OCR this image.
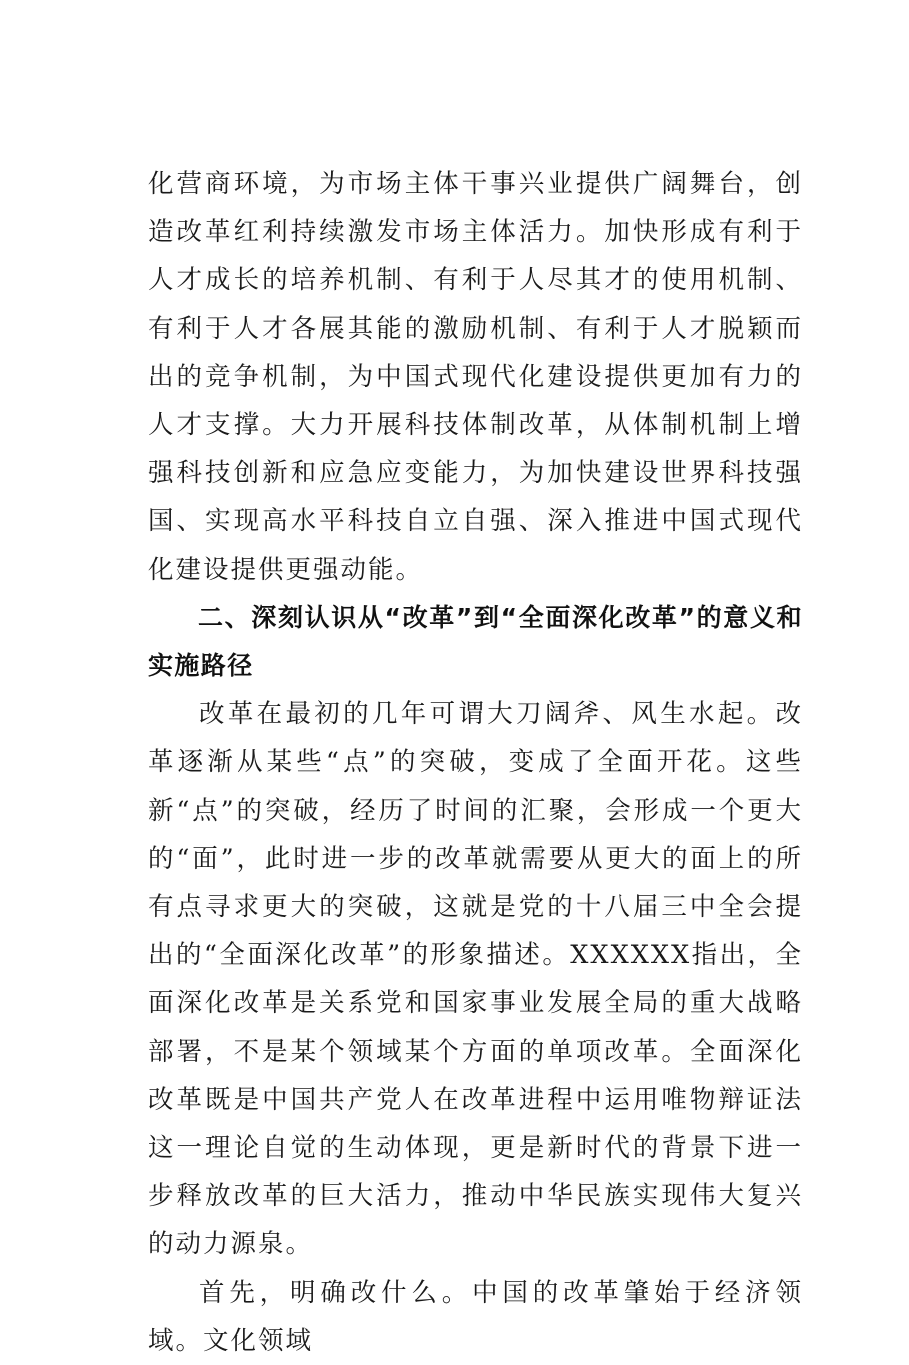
化营商环境，为市场主体干事兴业提供广阔舞台，创造改革红利持续激发市场主体活力。加快形成有利于人才成长的培养机制、有利于人尽其才的使用机制、有利于人才各展其能的激励机制、有利于人才脱颖而出的竞争机制，为中国式现代化建设提供更加有力的人才支撑。大力开展科技体制改革，从体制机制上增强科技创新和应急应变能力，为加快建设世界科技强国、实现高水平科技自立自强、深入推进中国式现代化建设提供更强动能。

二、深刻认识从“改革”到“全面深化改革”的意义和实施路径

改革在最初的几年可谓大刀阔斧、风生水起。改革逐渐从某些“点”的突破，变成了全面开花。这些新“点”的突破，经历了时间的汇聚，会形成一个更大的“面”，此时进一步的改革就需要从更大的面上的所有点寻求更大的突破，这就是党的十八届三中全会提出的“全面深化改革”的形象描述。XXXXXX指出，全面深化改革是关系党和国家事业发展全局的重大战略部署，不是某个领域某个方面的单项改革。全面深化改革既是中国共产党人在改革进程中运用唯物辩证法这一理论自觉的生动体现，更是新时代的背景下进一步释放改革的巨大活力，推动中华民族实现伟大复兴的动力源泉。

首先，明确改什么。中国的改革肇始于经济领域。文化领域
